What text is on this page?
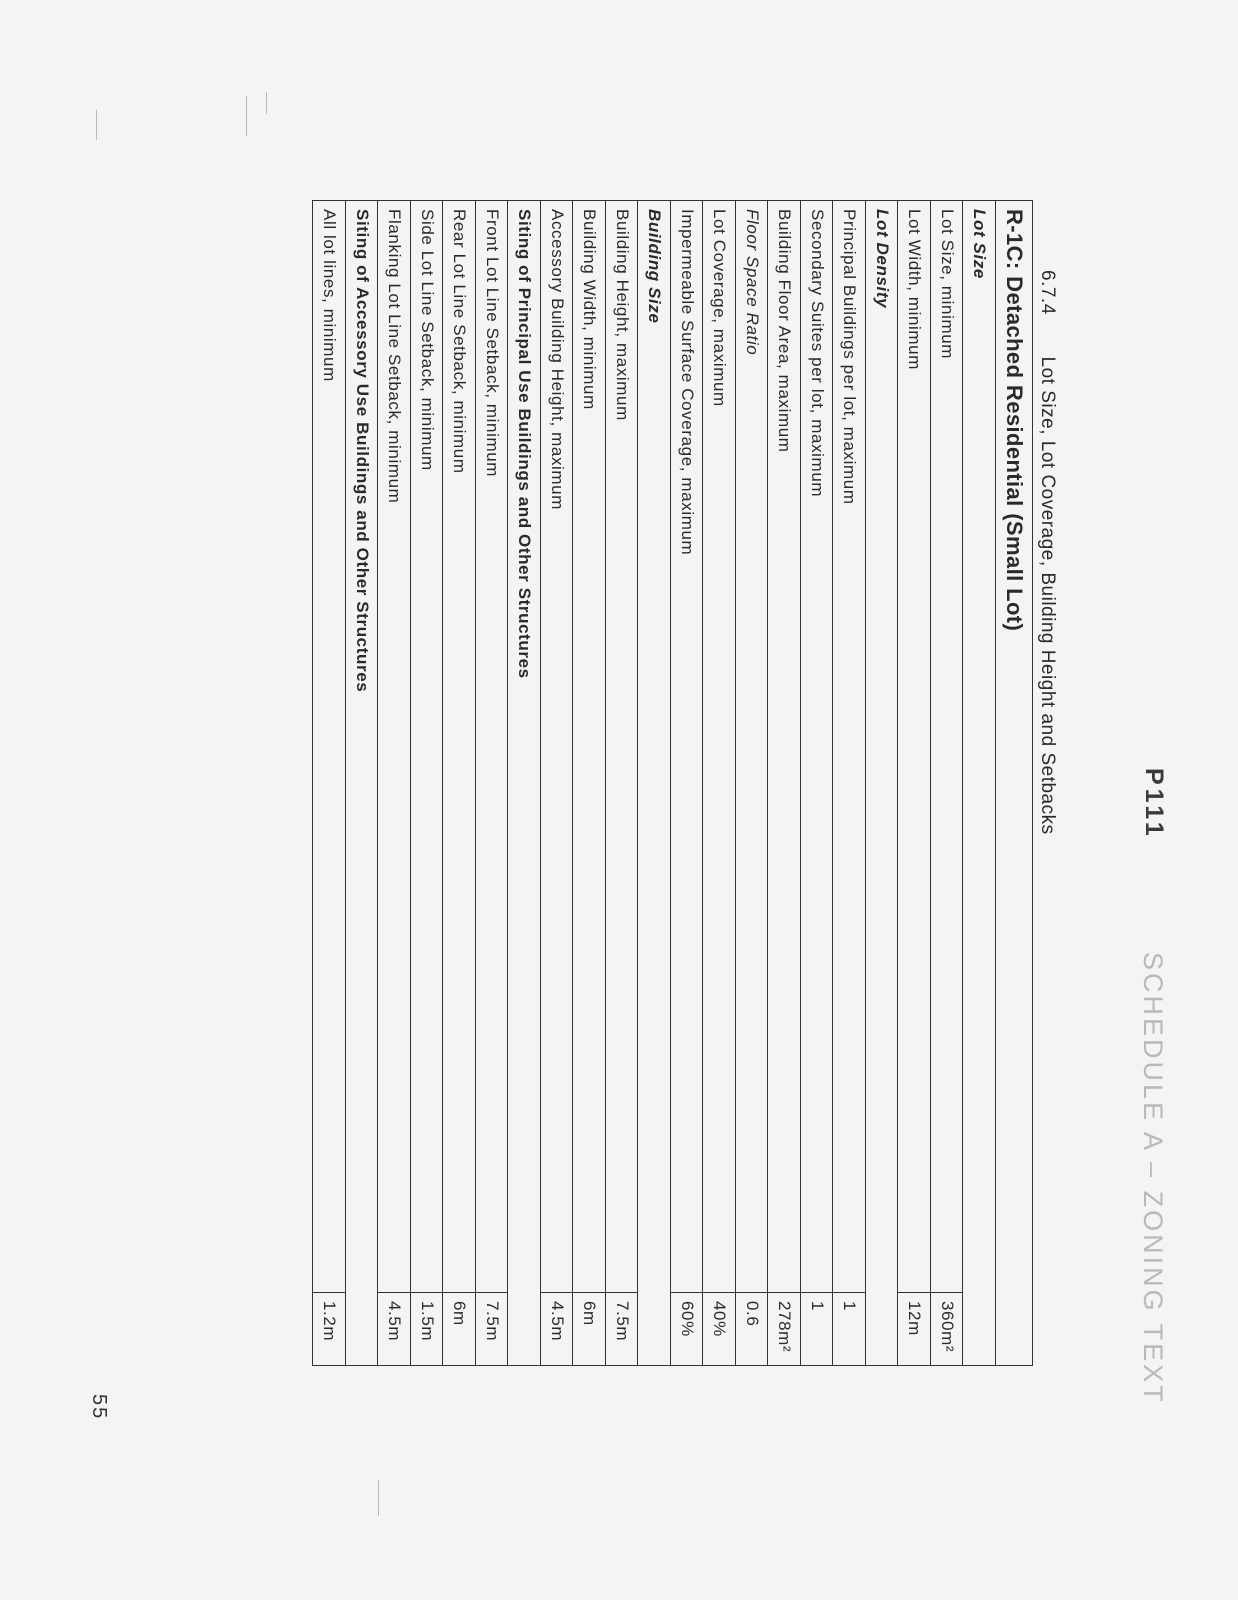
P111
SCHEDULE A – ZONING TEXT
6.7.4 Lot Size, Lot Coverage, Building Height and Setbacks
R-1C: Detached Residential (Small Lot)	
Lot Size	
Lot Size, minimum	360m²
Lot Width, minimum	12m
Lot Density	
Principal Buildings per lot, maximum	1
Secondary Suites per lot, maximum	1
Building Floor Area, maximum	278m²
Floor Space Ratio	0.6
Lot Coverage, maximum	40%
Impermeable Surface Coverage, maximum	60%
Building Size	
Building Height, maximum	7.5m
Building Width, minimum	6m
Accessory Building Height, maximum	4.5m
Siting of Principal Use Buildings and Other Structures	
Front Lot Line Setback, minimum	7.5m
Rear Lot Line Setback, minimum	6m
Side Lot Line Setback, minimum	1.5m
Flanking Lot Line Setback, minimum	4.5m
Siting of Accessory Use Buildings and Other Structures	
All lot lines, minimum	1.2m
55
